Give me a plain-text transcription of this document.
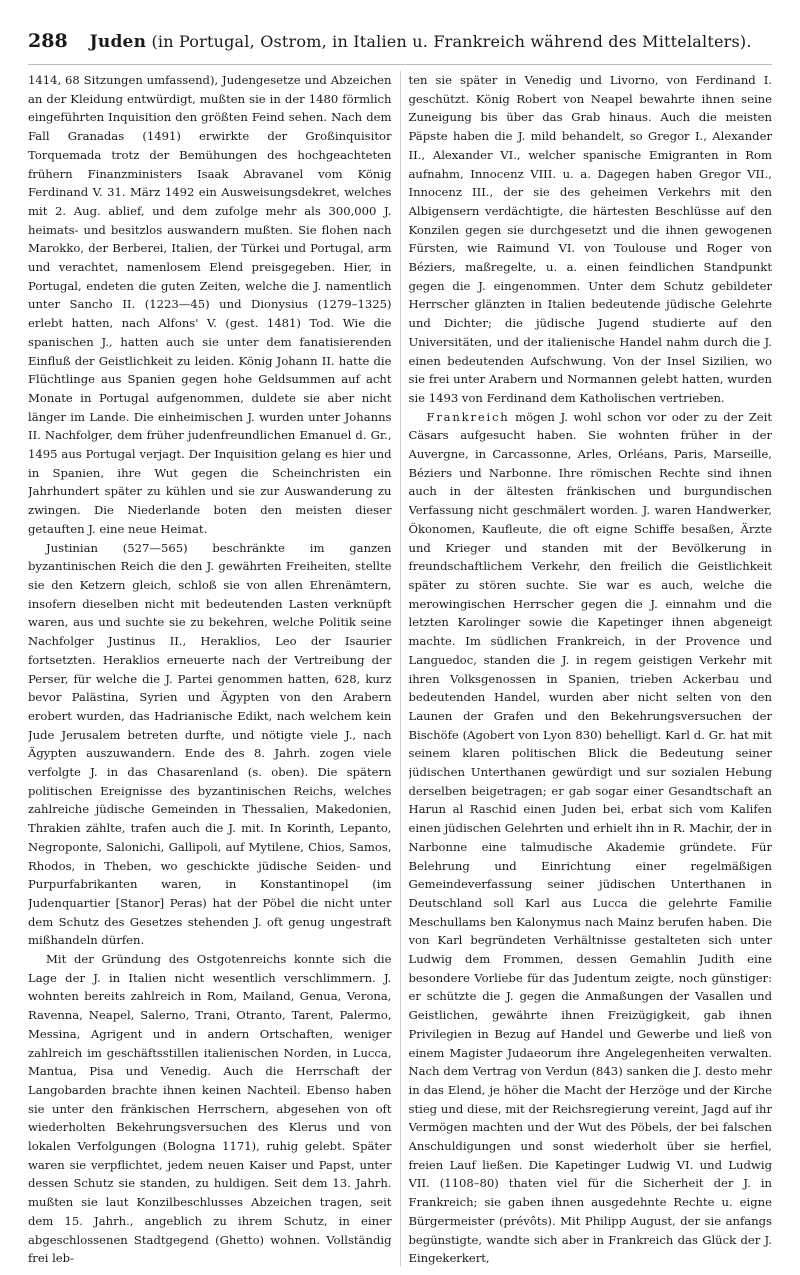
288 Juden (in Portugal, Ostrom, in Italien u. Frankreich während des Mittelalters).

1414, 68 Sitzungen umfassend), Judengesetze und Abzeichen an der Kleidung entwürdigt, mußten sie in der 1480 förmlich eingeführten Inquisition den größten Feind sehen. Nach dem Fall Granadas (1491) erwirkte der Großinquisitor Torquemada trotz der Bemühungen des hochgeachteten frühern Finanzministers Isaak Abravanel vom König Ferdinand V. 31. März 1492 ein Ausweisungsdekret, welches mit 2. Aug. ablief, und dem zufolge mehr als 300,000 J. heimats- und besitzlos auswandern mußten. Sie flohen nach Marokko, der Berberei, Italien, der Türkei und Portugal, arm und verachtet, namenlosem Elend preisgegeben. Hier, in Portugal, endeten die guten Zeiten, welche die J. namentlich unter Sancho II. (1223—45) und Dionysius (1279–1325) erlebt hatten, nach Alfons' V. (gest. 1481) Tod. Wie die spanischen J., hatten auch sie unter dem fanatisierenden Einfluß der Geistlichkeit zu leiden. König Johann II. hatte die Flüchtlinge aus Spanien gegen hohe Geldsummen auf acht Monate in Portugal aufgenommen, duldete sie aber nicht länger im Lande. Die einheimischen J. wurden unter Johanns II. Nachfolger, dem früher judenfreundlichen Emanuel d. Gr., 1495 aus Portugal verjagt. Der Inquisition gelang es hier und in Spanien, ihre Wut gegen die Scheinchristen ein Jahrhundert später zu kühlen und sie zur Auswanderung zu zwingen. Die Niederlande boten den meisten dieser getauften J. eine neue Heimat.

Justinian (527—565) beschränkte im ganzen byzantinischen Reich die den J. gewährten Freiheiten, stellte sie den Ketzern gleich, schloß sie von allen Ehrenämtern, insofern dieselben nicht mit bedeutenden Lasten verknüpft waren, aus und suchte sie zu bekehren, welche Politik seine Nachfolger Justinus II., Heraklios, Leo der Isaurier fortsetzten. Heraklios erneuerte nach der Vertreibung der Perser, für welche die J. Partei genommen hatten, 628, kurz bevor Palästina, Syrien und Ägypten von den Arabern erobert wurden, das Hadrianische Edikt, nach welchem kein Jude Jerusalem betreten durfte, und nötigte viele J., nach Ägypten auszuwandern. Ende des 8. Jahrh. zogen viele verfolgte J. in das Chasarenland (s. oben). Die spätern politischen Ereignisse des byzantinischen Reichs, welches zahlreiche jüdische Gemeinden in Thessalien, Makedonien, Thrakien zählte, trafen auch die J. mit. In Korinth, Lepanto, Negroponte, Salonichi, Gallipoli, auf Mytilene, Chios, Samos, Rhodos, in Theben, wo geschickte jüdische Seiden- und Purpurfabrikanten waren, in Konstantinopel (im Judenquartier [Stanor] Peras) hat der Pöbel die nicht unter dem Schutz des Gesetzes stehenden J. oft genug ungestraft mißhandeln dürfen.

Mit der Gründung des Ostgotenreichs konnte sich die Lage der J. in Italien nicht wesentlich verschlimmern. J. wohnten bereits zahlreich in Rom, Mailand, Genua, Verona, Ravenna, Neapel, Salerno, Trani, Otranto, Tarent, Palermo, Messina, Agrigent und in andern Ortschaften, weniger zahlreich im geschäftsstillen italienischen Norden, in Lucca, Mantua, Pisa und Venedig. Auch die Herrschaft der Langobarden brachte ihnen keinen Nachteil. Ebenso haben sie unter den fränkischen Herrschern, abgesehen von oft wiederholten Bekehrungsversuchen des Klerus und von lokalen Verfolgungen (Bologna 1171), ruhig gelebt. Später waren sie verpflichtet, jedem neuen Kaiser und Papst, unter dessen Schutz sie standen, zu huldigen. Seit dem 13. Jahrh. mußten sie laut Konzilbeschlusses Abzeichen tragen, seit dem 15. Jahrh., angeblich zu ihrem Schutz, in einer abgeschlossenen Stadtgegend (Ghetto) wohnen. Vollständig frei leb-

ten sie später in Venedig und Livorno, von Ferdinand I. geschützt. König Robert von Neapel bewahrte ihnen seine Zuneigung bis über das Grab hinaus. Auch die meisten Päpste haben die J. mild behandelt, so Gregor I., Alexander II., Alexander VI., welcher spanische Emigranten in Rom aufnahm, Innocenz VIII. u. a. Dagegen haben Gregor VII., Innocenz III., der sie des geheimen Verkehrs mit den Albigensern verdächtigte, die härtesten Beschlüsse auf den Konzilen gegen sie durchgesetzt und die ihnen gewogenen Fürsten, wie Raimund VI. von Toulouse und Roger von Béziers, maßregelte, u. a. einen feindlichen Standpunkt gegen die J. eingenommen. Unter dem Schutz gebildeter Herrscher glänzten in Italien bedeutende jüdische Gelehrte und Dichter; die jüdische Jugend studierte auf den Universitäten, und der italienische Handel nahm durch die J. einen bedeutenden Aufschwung. Von der Insel Sizilien, wo sie frei unter Arabern und Normannen gelebt hatten, wurden sie 1493 von Ferdinand dem Katholischen vertrieben.

Frankreich mögen J. wohl schon vor oder zu der Zeit Cäsars aufgesucht haben. Sie wohnten früher in der Auvergne, in Carcassonne, Arles, Orléans, Paris, Marseille, Béziers und Narbonne. Ihre römischen Rechte sind ihnen auch in der ältesten fränkischen und burgundischen Verfassung nicht geschmälert worden. J. waren Handwerker, Ökonomen, Kaufleute, die oft eigne Schiffe besaßen, Ärzte und Krieger und standen mit der Bevölkerung in freundschaftlichem Verkehr, den freilich die Geistlichkeit später zu stören suchte. Sie war es auch, welche die merowingischen Herrscher gegen die J. einnahm und die letzten Karolinger sowie die Kapetinger ihnen abgeneigt machte. Im südlichen Frankreich, in der Provence und Languedoc, standen die J. in regem geistigen Verkehr mit ihren Volksgenossen in Spanien, trieben Ackerbau und bedeutenden Handel, wurden aber nicht selten von den Launen der Grafen und den Bekehrungsversuchen der Bischöfe (Agobert von Lyon 830) behelligt. Karl d. Gr. hat mit seinem klaren politischen Blick die Bedeutung seiner jüdischen Unterthanen gewürdigt und sur sozialen Hebung derselben beigetragen; er gab sogar einer Gesandtschaft an Harun al Raschid einen Juden bei, erbat sich vom Kalifen einen jüdischen Gelehrten und erhielt ihn in R. Machir, der in Narbonne eine talmudische Akademie gründete. Für Belehrung und Einrichtung einer regelmäßigen Gemeindeverfassung seiner jüdischen Unterthanen in Deutschland soll Karl aus Lucca die gelehrte Familie Meschullams ben Kalonymus nach Mainz berufen haben. Die von Karl begründeten Verhältnisse gestalteten sich unter Ludwig dem Frommen, dessen Gemahlin Judith eine besondere Vorliebe für das Judentum zeigte, noch günstiger: er schützte die J. gegen die Anmaßungen der Vasallen und Geistlichen, gewährte ihnen Freizügigkeit, gab ihnen Privilegien in Bezug auf Handel und Gewerbe und ließ von einem Magister Judaeorum ihre Angelegenheiten verwalten. Nach dem Vertrag von Verdun (843) sanken die J. desto mehr in das Elend, je höher die Macht der Herzöge und der Kirche stieg und diese, mit der Reichsregierung vereint, Jagd auf ihr Vermögen machten und der Wut des Pöbels, der bei falschen Anschuldigungen und sonst wiederholt über sie herfiel, freien Lauf ließen. Die Kapetinger Ludwig VI. und Ludwig VII. (1108–80) thaten viel für die Sicherheit der J. in Frankreich; sie gaben ihnen ausgedehnte Rechte u. eigne Bürgermeister (prévôts). Mit Philipp August, der sie anfangs begünstigte, wandte sich aber in Frankreich das Glück der J. Eingekerkert,
